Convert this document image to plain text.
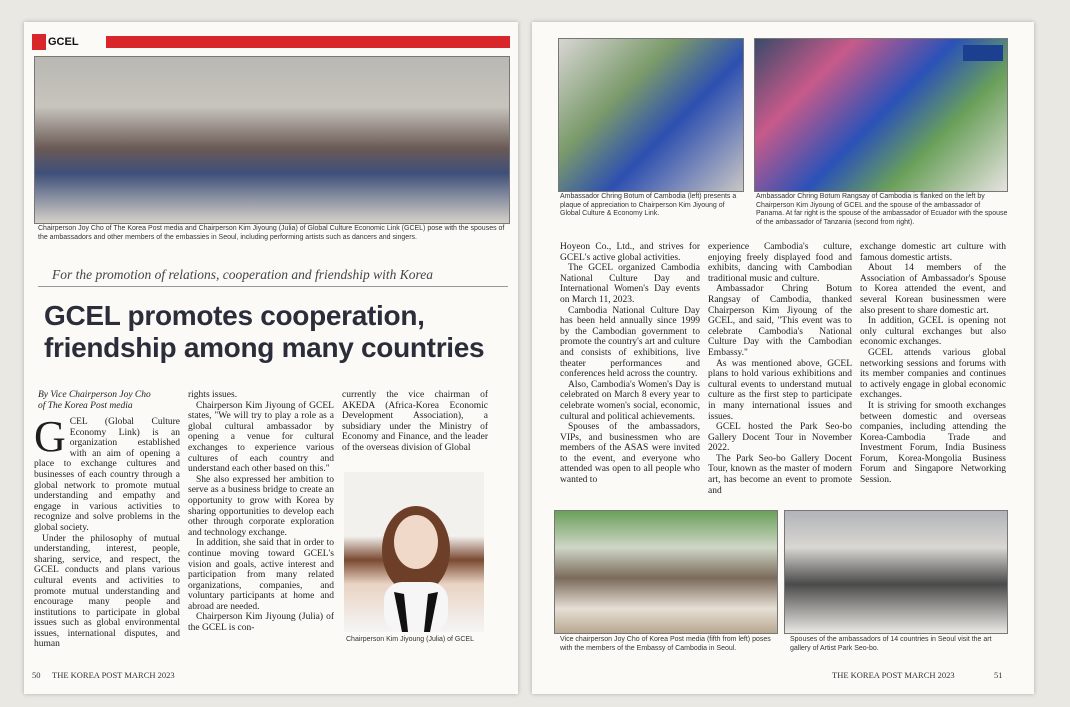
GCEL
Chairperson Joy Cho of The Korea Post media and Chairperson Kim Jiyoung (Julia) of Global Culture Economic Link (GCEL) pose with the spouses of the ambassadors and other members of the embassies in Seoul, including performing artists such as dancers and singers.
For the promotion of relations, cooperation and friendship with Korea
GCEL promotes cooperation, friendship among many countries
By Vice Chairperson Joy Cho
of The Korea Post media

GCEL (Global Culture Economy Link) is an organization established with an aim of opening a place to exchange cultures and businesses of each country through a global network to promote mutual understanding and empathy and engage in various activities to recognize and solve problems in the global society.

Under the philosophy of mutual understanding, interest, people, sharing, service, and respect, the GCEL conducts and plans various cultural events and activities to promote mutual understanding and encourage many people and institutions to participate in global issues such as global environmental issues, international disputes, and human

rights issues.

Chairperson Kim Jiyoung of GCEL states, "We will try to play a role as a global cultural ambassador by opening a venue for cultural exchanges to experience various cultures of each country and understand each other based on this."

She also expressed her ambition to serve as a business bridge to create an opportunity to grow with Korea by sharing opportunities to develop each other through corporate exploration and technology exchange.

In addition, she said that in order to continue moving toward GCEL's vision and goals, active interest and participation from many related organizations, companies, and voluntary participants at home and abroad are needed.

Chairperson Kim Jiyoung (Julia) of the GCEL is con-

currently the vice chairman of AKEDA (Africa-Korea Economic Development Association), a subsidiary under the Ministry of Economy and Finance, and the leader of the overseas division of Global

Chairperson Kim Jiyoung (Julia) of GCEL
50 THE KOREA POST MARCH 2023
Ambassador Chring Botum of Cambodia (left) presents a plaque of appreciation to Chairperson Kim Jiyoung of Global Culture & Economy Link.
Ambassador Chring Botum Rangsay of Cambodia is flanked on the left by Chairperson Kim Jiyoung of GCEL and the spouse of the ambassador of Panama. At far right is the spouse of the ambassador of Ecuador with the spouse of the ambassador of Tanzania (second from right).

Hoyeon Co., Ltd., and strives for GCEL's active global activities.

The GCEL organized Cambodia National Culture Day and International Women's Day events on March 11, 2023.

Cambodia National Culture Day has been held annually since 1999 by the Cambodian government to promote the country's art and culture and consists of exhibitions, live theater performances and conferences held across the country.

Also, Cambodia's Women's Day is celebrated on March 8 every year to celebrate women's social, economic, cultural and political achievements.

Spouses of the ambassadors, VIPs, and businessmen who are members of the ASAS were invited to the event, and everyone who attended was open to all people who wanted to

experience Cambodia's culture, enjoying freely displayed food and exhibits, dancing with Cambodian traditional music and culture.

Ambassador Chring Botum Rangsay of Cambodia, thanked Chairperson Kim Jiyoung of the GCEL, and said, "This event was to celebrate Cambodia's National Culture Day with the Cambodian Embassy."

As was mentioned above, GCEL plans to hold various exhibitions and cultural events to understand mutual culture as the first step to participate in many international issues and issues.

GCEL hosted the Park Seo-bo Gallery Docent Tour in November 2022.

The Park Seo-bo Gallery Docent Tour, known as the master of modern art, has become an event to promote and

exchange domestic art culture with famous domestic artists.

About 14 members of the Association of Ambassador's Spouse to Korea attended the event, and several Korean businessmen were also present to share domestic art.

In addition, GCEL is opening not only cultural exchanges but also economic exchanges.

GCEL attends various global networking sessions and forums with its member companies and continues to actively engage in global economic exchanges.

It is striving for smooth exchanges between domestic and overseas companies, including attending the Korea-Cambodia Trade and Investment Forum, India Business Forum, Korea-Mongolia Business Forum and Singapore Networking Session.

Vice chairperson Joy Cho of Korea Post media (fifth from left) poses with the members of the Embassy of Cambodia in Seoul.
Spouses of the ambassadors of 14 countries in Seoul visit the art gallery of Artist Park Seo-bo.
THE KOREA POST MARCH 2023	51
